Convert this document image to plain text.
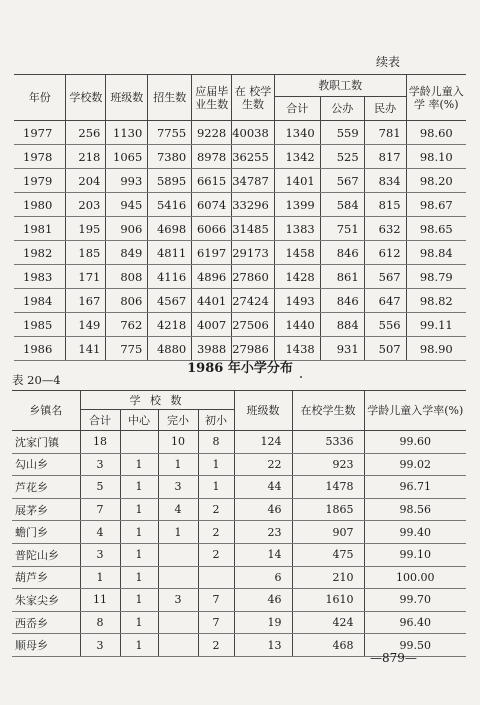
续表
年份	学校数	班级数	招生数	应届毕业生数	在 校学生数	教职工数			学龄儿童入 学 率(%)
						合计	公办	民办	
1977	256	1130	7755	9228	40038	1340	559	781	98.60
1978	218	1065	7380	8978	36255	1342	525	817	98.10
1979	204	993	5895	6615	34787	1401	567	834	98.20
1980	203	945	5416	6074	33296	1399	584	815	98.67
1981	195	906	4698	6066	31485	1383	751	632	98.65
1982	185	849	4811	6197	29173	1458	846	612	98.84
1983	171	808	4116	4896	27860	1428	861	567	98.79
1984	167	806	4567	4401	27424	1493	846	647	98.82
1985	149	762	4218	4007	27506	1440	884	556	99.11
1986	141	775	4880	3988	27986	1438	931	507	98.90
1986 年小学分布
表 20—4
乡镇名	学 校 数				班级数	在校学生数	学龄儿童入学率(%)
	合计	中心	完小	初小			
沈家门镇	18		10	8	124	5336	99.60
勾山乡	3	1	1	1	22	923	99.02
芦花乡	5	1	3	1	44	1478	96.71
展茅乡	7	1	4	2	46	1865	98.56
蟾门乡	4	1	1	2	23	907	99.40
普陀山乡	3	1		2	14	475	99.10
葫芦乡	1	1			6	210	100.00
朱家尖乡	11	1	3	7	46	1610	99.70
西岙乡	8	1		7	19	424	96.40
顺母乡	3	1		2	13	468	99.50
—879—
